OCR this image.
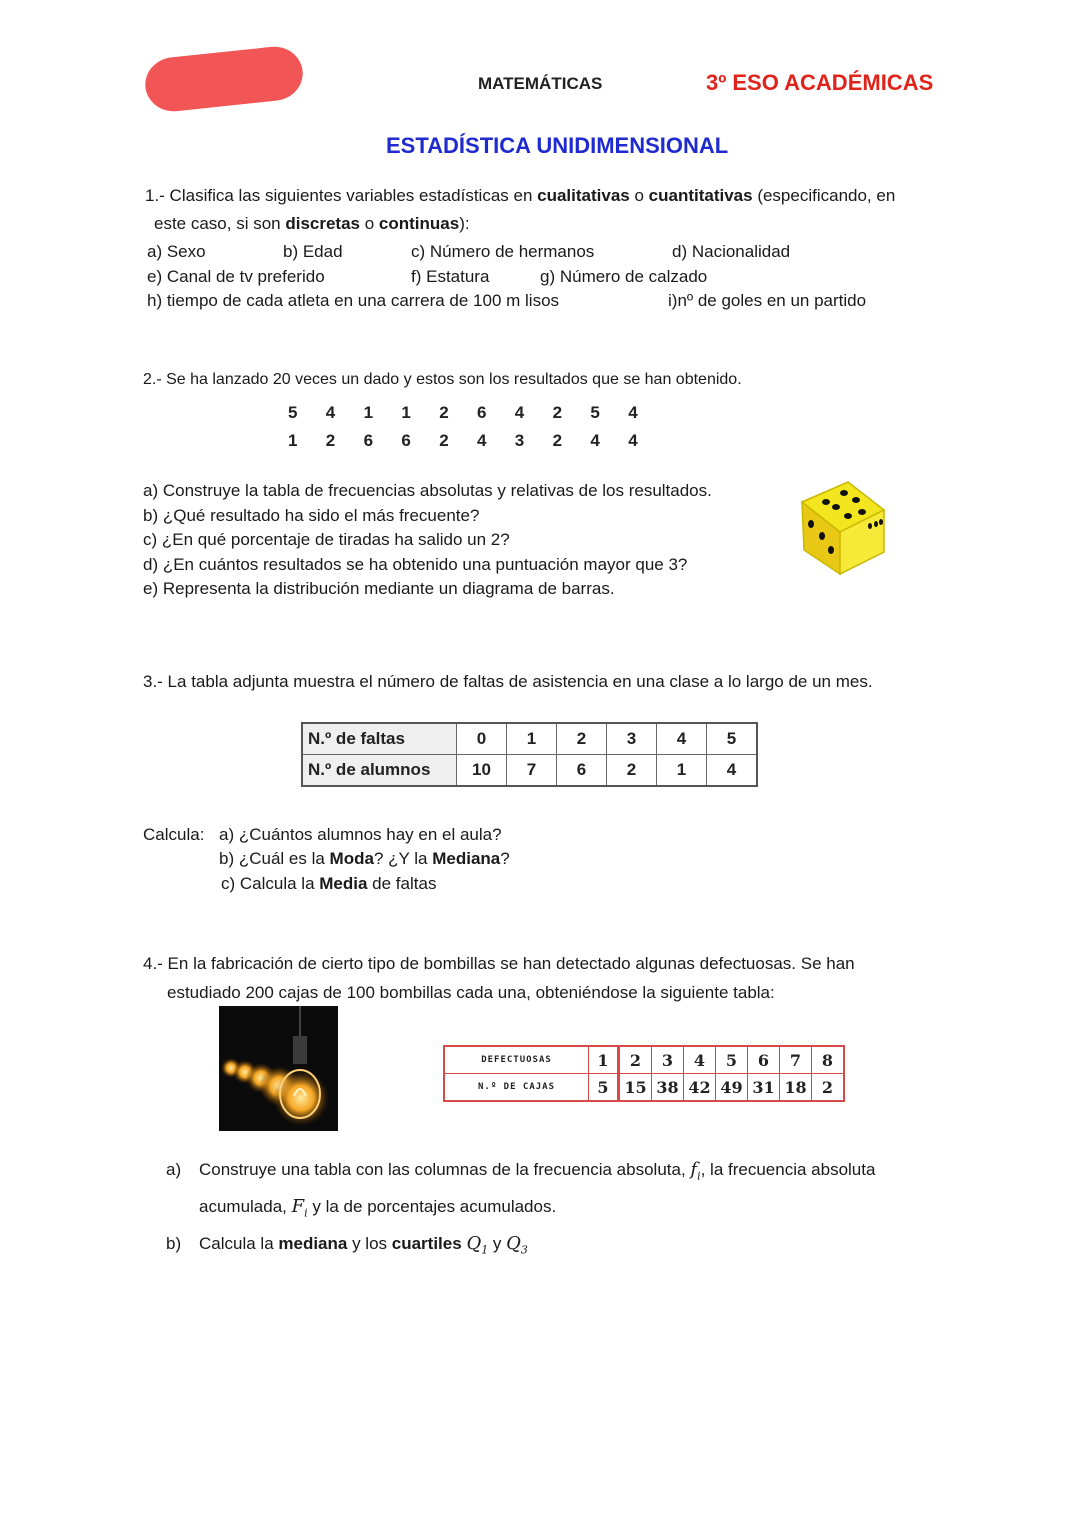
MATEMÁTICAS	3º ESO ACADÉMICAS
ESTADÍSTICA UNIDIMENSIONAL
1.- Clasifica las siguientes variables estadísticas en cualitativas o cuantitativas (especificando, en
este caso, si son discretas o continuas):
a) Sexo	b) Edad	c) Número de hermanos	d) Nacionalidad
e) Canal de tv preferido	f) Estatura	g) Número de calzado
h) tiempo de cada atleta en una carrera de 100 m lisos	i)nº de goles en un partido
2.- Se ha lanzado 20 veces un dado y estos son los resultados que se han obtenido.
5 4 1 1 2 6 4 2 5 4
1 2 6 6 2 4 3 2 4 4
a) Construye la tabla de frecuencias absolutas y relativas de los resultados.
b) ¿Qué resultado ha sido el más frecuente?
c) ¿En qué porcentaje de tiradas ha salido un 2?
d) ¿En cuántos resultados se ha obtenido una puntuación mayor que 3?
e) Representa la distribución mediante un diagrama de barras.
3.- La tabla adjunta muestra el número de faltas de asistencia en una clase a lo largo de un mes.
N.º de faltas	0	1	2	3	4	5
N.º de alumnos	10	7	6	2	1	4
Calcula: a) ¿Cuántos alumnos hay en el aula?
b) ¿Cuál es la Moda? ¿Y la Mediana?
c) Calcula la Media de faltas
4.- En la fabricación de cierto tipo de bombillas se han detectado algunas defectuosas. Se han
estudiado 200 cajas de 100 bombillas cada una, obteniéndose la siguiente tabla:
DEFECTUOSAS	1	2	3	4	5	6	7	8
N.º DE CAJAS	5	15	38	42	49	31	18	2
a) Construye una tabla con las columnas de la frecuencia absoluta, $f_i$, la frecuencia absoluta
acumulada, $F_i$ y la de porcentajes acumulados.
b) Calcula la mediana y los cuartiles $Q_1$ y $Q_3$
